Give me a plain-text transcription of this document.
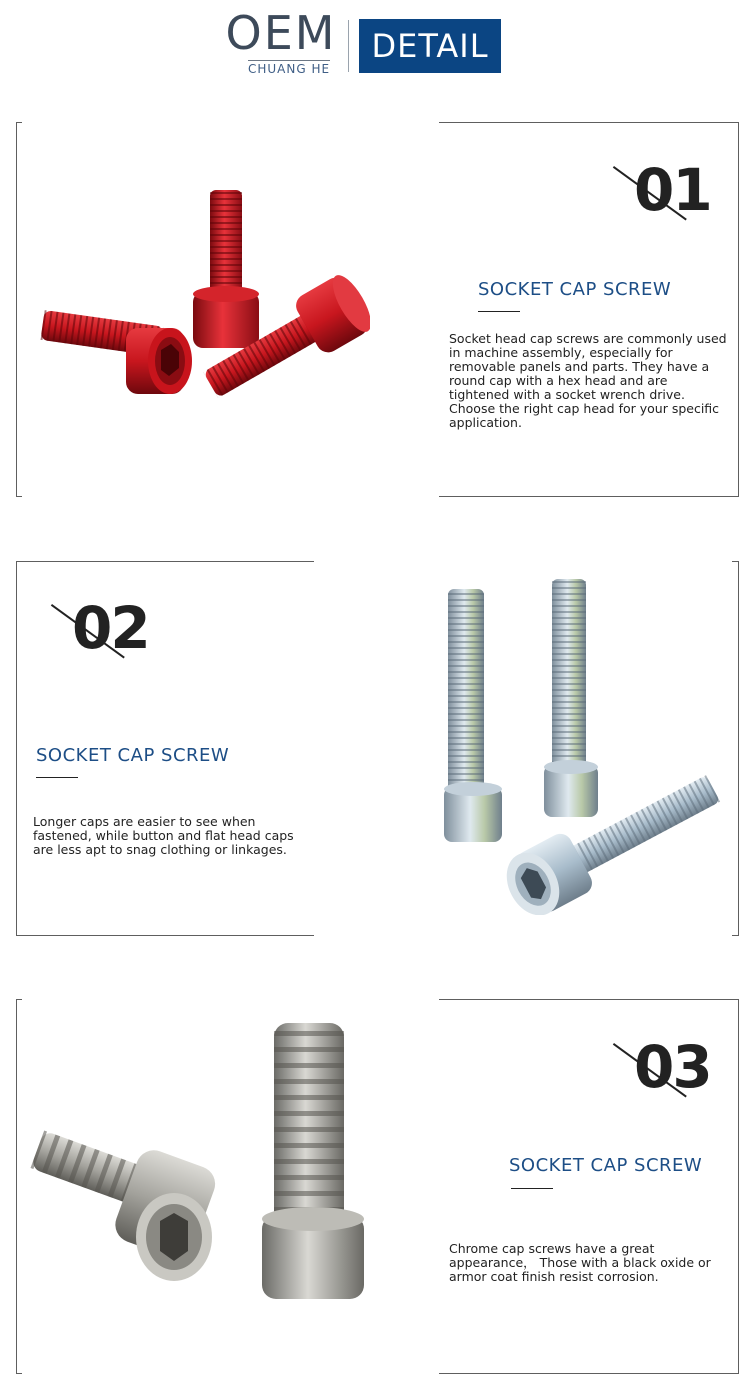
OEM
CHUANG HE
DETAIL
01
SOCKET CAP SCREW
Socket head cap screws are commonly used in machine assembly, especially for removable panels and parts. They have a round cap with a hex head and are tightened with a socket wrench drive. Choose the right cap head for your specific application.
02
SOCKET CAP SCREW
Longer caps are easier to see when fastened, while button and flat head caps are less apt to snag clothing or linkages.
03
SOCKET CAP SCREW
Chrome cap screws have a great appearance， Those with a black oxide or armor coat finish resist corrosion.
